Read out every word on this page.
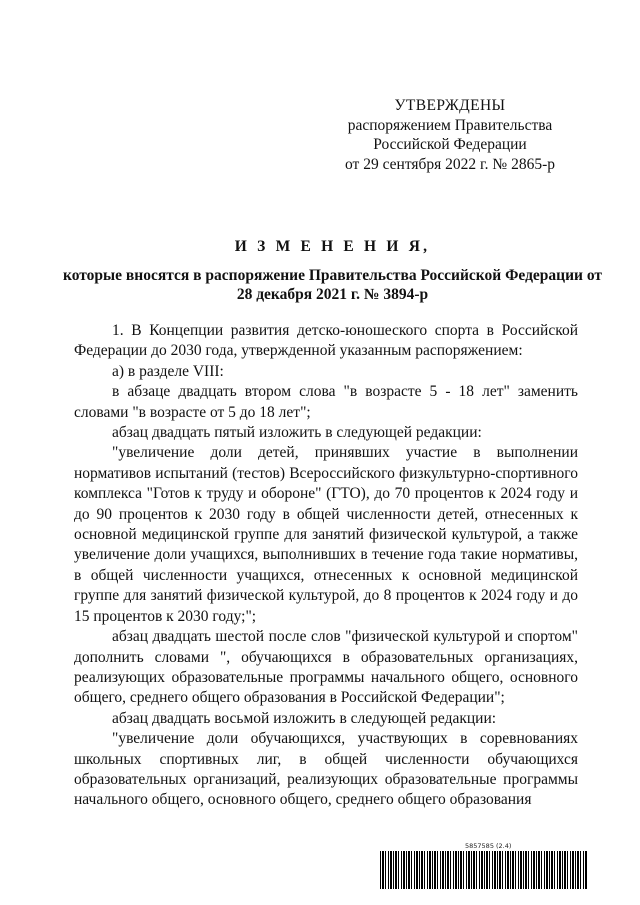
УТВЕРЖДЕНЫ
распоряжением Правительства
Российской Федерации
от 29 сентября 2022 г. № 2865-р
И З М Е Н Е Н И Я,
которые вносятся в распоряжение Правительства Российской Федерации от 28 декабря 2021 г. № 3894-р

1. В Концепции развития детско-юношеского спорта в Российской Федерации до 2030 года, утвержденной указанным распоряжением:

а) в разделе VIII:

в абзаце двадцать втором слова "в возрасте 5 - 18 лет" заменить словами "в возрасте от 5 до 18 лет";

абзац двадцать пятый изложить в следующей редакции:

"увеличение доли детей, принявших участие в выполнении нормативов испытаний (тестов) Всероссийского физкультурно-спортивного комплекса "Готов к труду и обороне" (ГТО), до 70 процентов к 2024 году и до 90 процентов к 2030 году в общей численности детей, отнесенных к основной медицинской группе для занятий физической культурой, а также увеличение доли учащихся, выполнивших в течение года такие нормативы, в общей численности учащихся, отнесенных к основной медицинской группе для занятий физической культурой, до 8 процентов к 2024 году и до 15 процентов к 2030 году;";

абзац двадцать шестой после слов "физической культурой и спортом" дополнить словами ", обучающихся в образовательных организациях, реализующих образовательные программы начального общего, основного общего, среднего общего образования в Российской Федерации";

абзац двадцать восьмой изложить в следующей редакции:

"увеличение доли обучающихся, участвующих в соревнованиях школьных спортивных лиг, в общей численности обучающихся образовательных организаций, реализующих образовательные программы начального общего, основного общего, среднего общего образования

5857585 (2.4)
